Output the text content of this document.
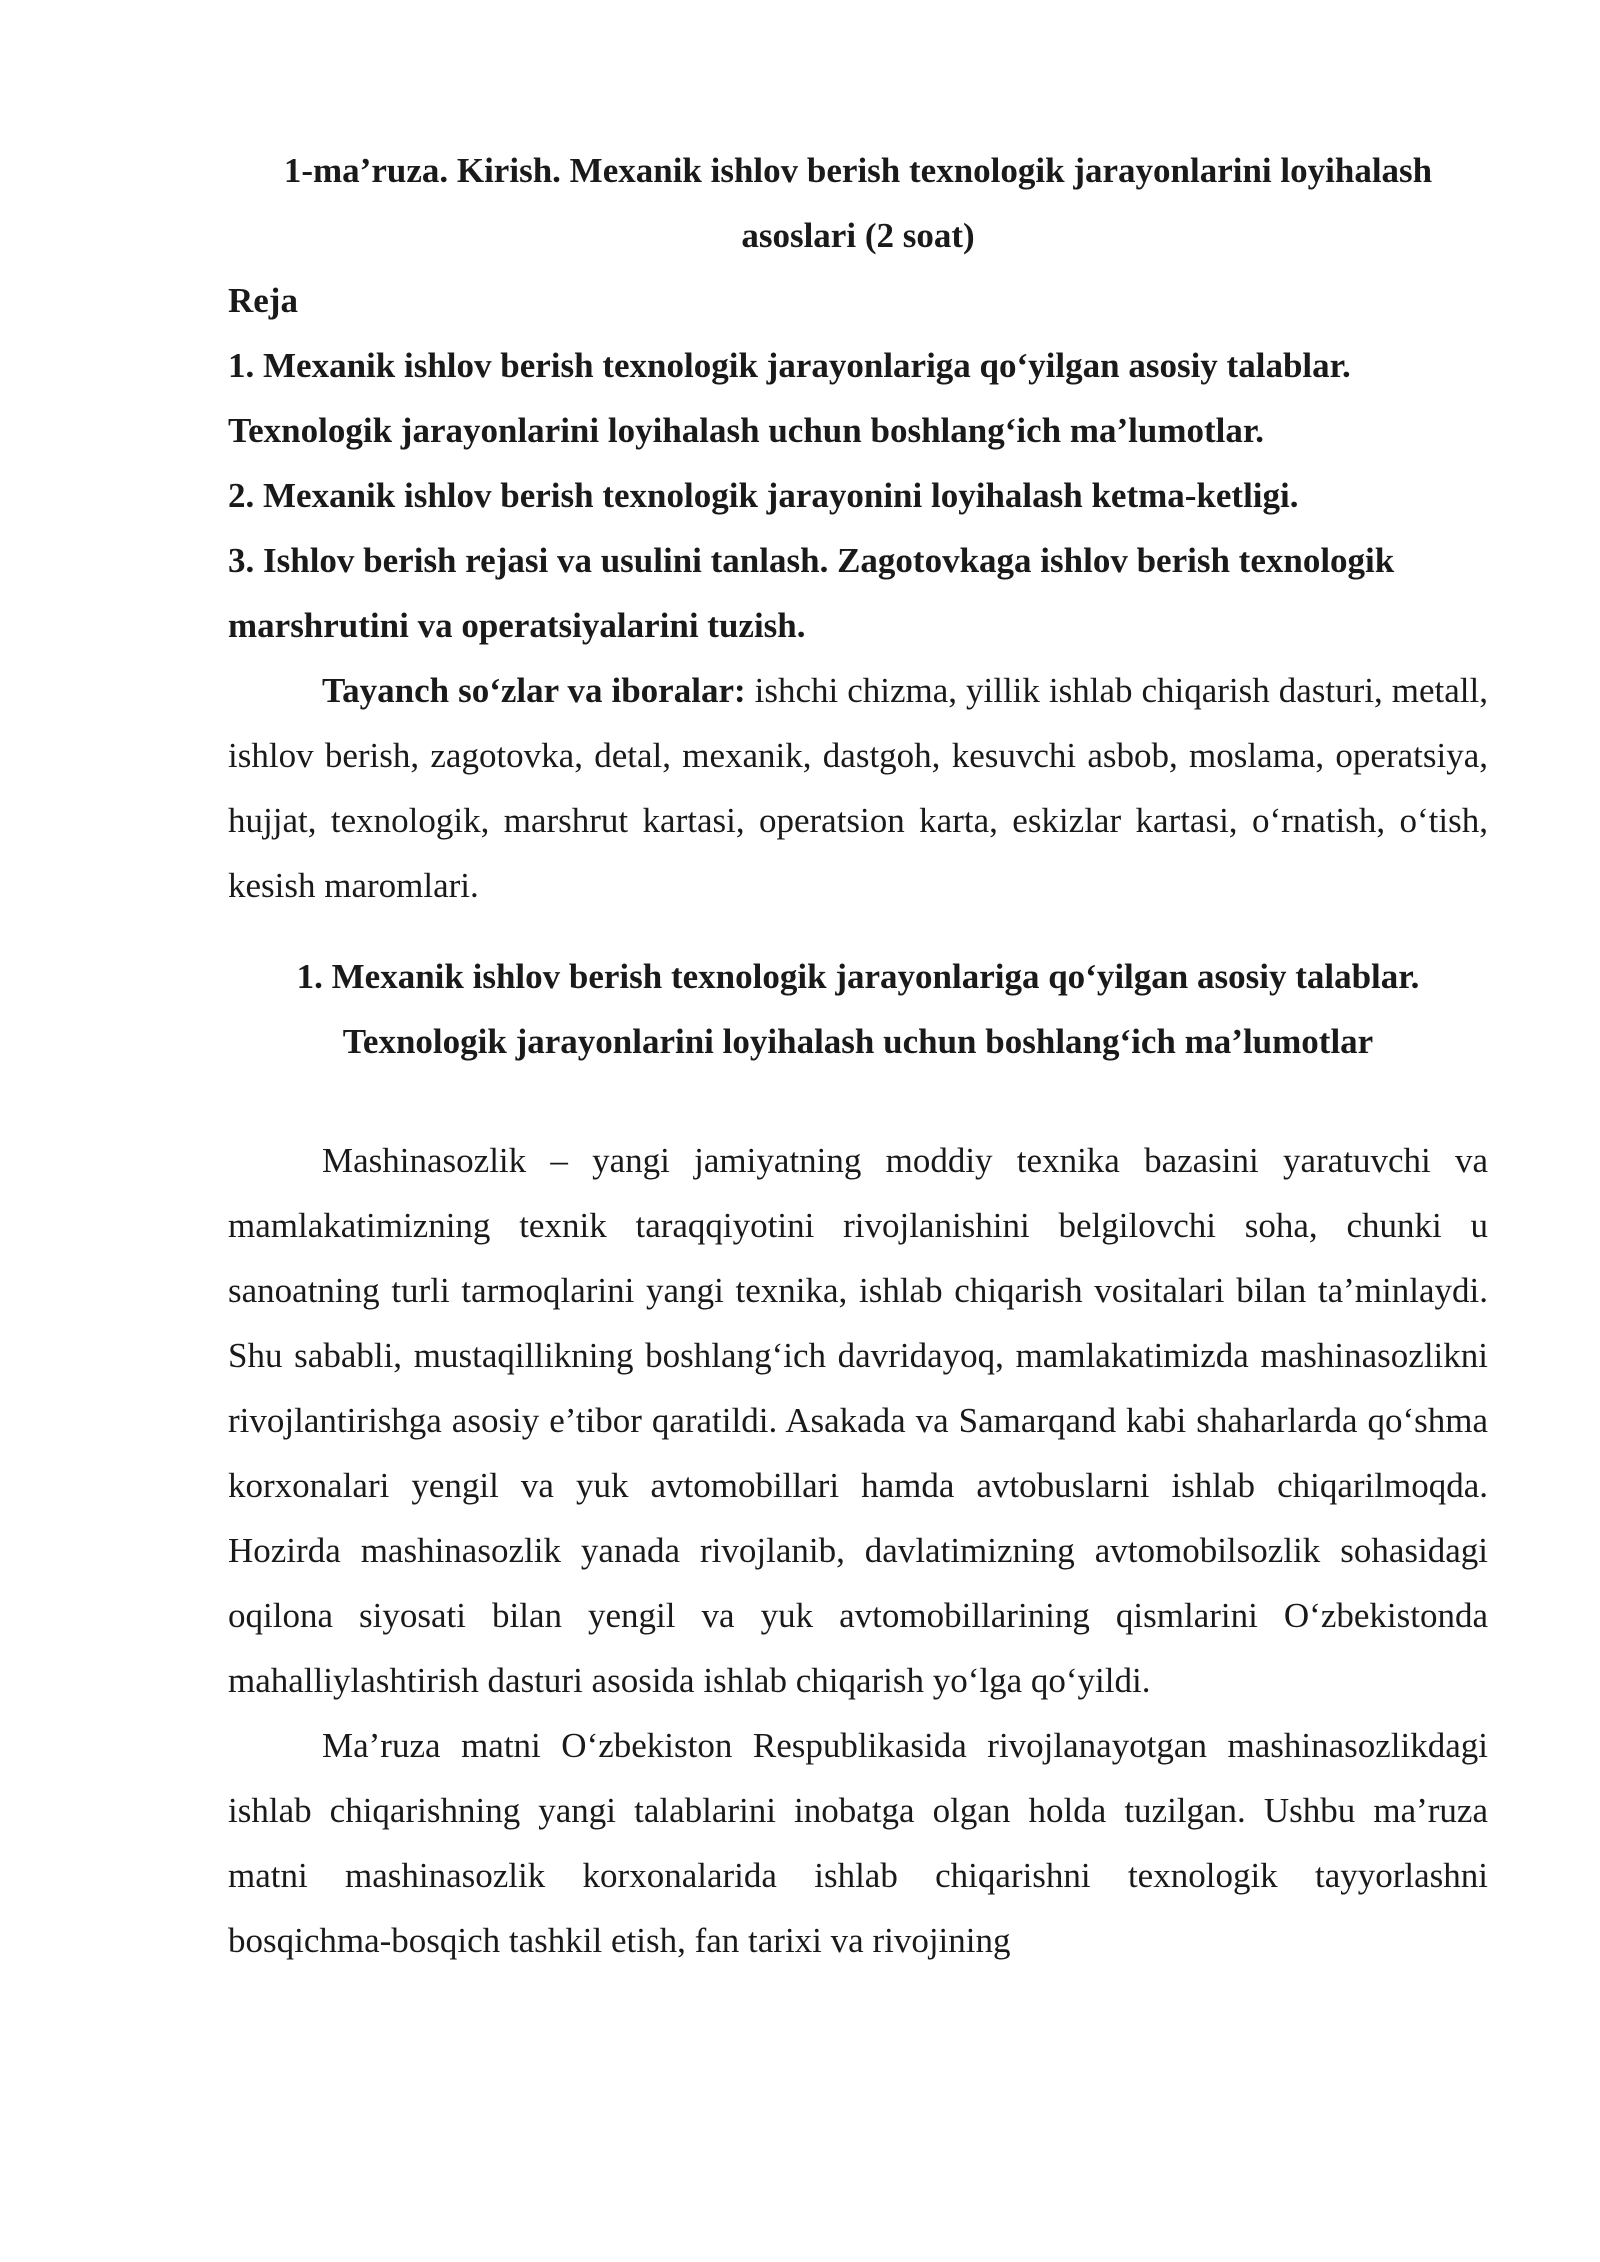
1-ma’ruza. Kirish. Mexanik ishlov berish texnologik jarayonlarini loyihalash asoslari (2 soat)

Reja

1. Mexanik ishlov berish texnologik jarayonlariga qo‘yilgan asosiy talablar. Texnologik jarayonlarini loyihalash uchun boshlang‘ich ma’lumotlar.

2. Mexanik ishlov berish texnologik jarayonini loyihalash ketma-ketligi.

3. Ishlov berish rejasi va usulini tanlash. Zagotovkaga ishlov berish texnologik marshrutini va operatsiyalarini tuzish.

Tayanch so‘zlar va iboralar: ishchi chizma, yillik ishlab chiqarish dasturi, metall, ishlov berish, zagotovka, detal, mexanik, dastgoh, kesuvchi asbob, moslama, operatsiya, hujjat, texnologik, marshrut kartasi, operatsion karta, eskizlar kartasi, o‘rnatish, o‘tish, kesish maromlari.

1. Mexanik ishlov berish texnologik jarayonlariga qo‘yilgan asosiy talablar. Texnologik jarayonlarini loyihalash uchun boshlang‘ich ma’lumotlar

Mashinasozlik – yangi jamiyatning moddiy texnika bazasini yaratuvchi va mamlakatimizning texnik taraqqiyotini rivojlanishini belgilovchi soha, chunki u sanoatning turli tarmoqlarini yangi texnika, ishlab chiqarish vositalari bilan ta’minlaydi. Shu sababli, mustaqillikning boshlang‘ich davridayoq, mamlakatimizda mashinasozlikni rivojlantirishga asosiy e’tibor qaratildi. Asakada va Samarqand kabi shaharlarda qo‘shma korxonalari yengil va yuk avtomobillari hamda avtobuslarni ishlab chiqarilmoqda. Hozirda mashinasozlik yanada rivojlanib, davlatimizning avtomobilsozlik sohasidagi oqilona siyosati bilan yengil va yuk avtomobillarining qismlarini O‘zbekistonda mahalliylashtirish dasturi asosida ishlab chiqarish yo‘lga qo‘yildi.

Ma’ruza matni O‘zbekiston Respublikasida rivojlanayotgan mashinasozlikdagi ishlab chiqarishning yangi talablarini inobatga olgan holda tuzilgan. Ushbu ma’ruza matni mashinasozlik korxonalarida ishlab chiqarishni texnologik tayyorlashni bosqichma-bosqich tashkil etish, fan tarixi va rivojining
